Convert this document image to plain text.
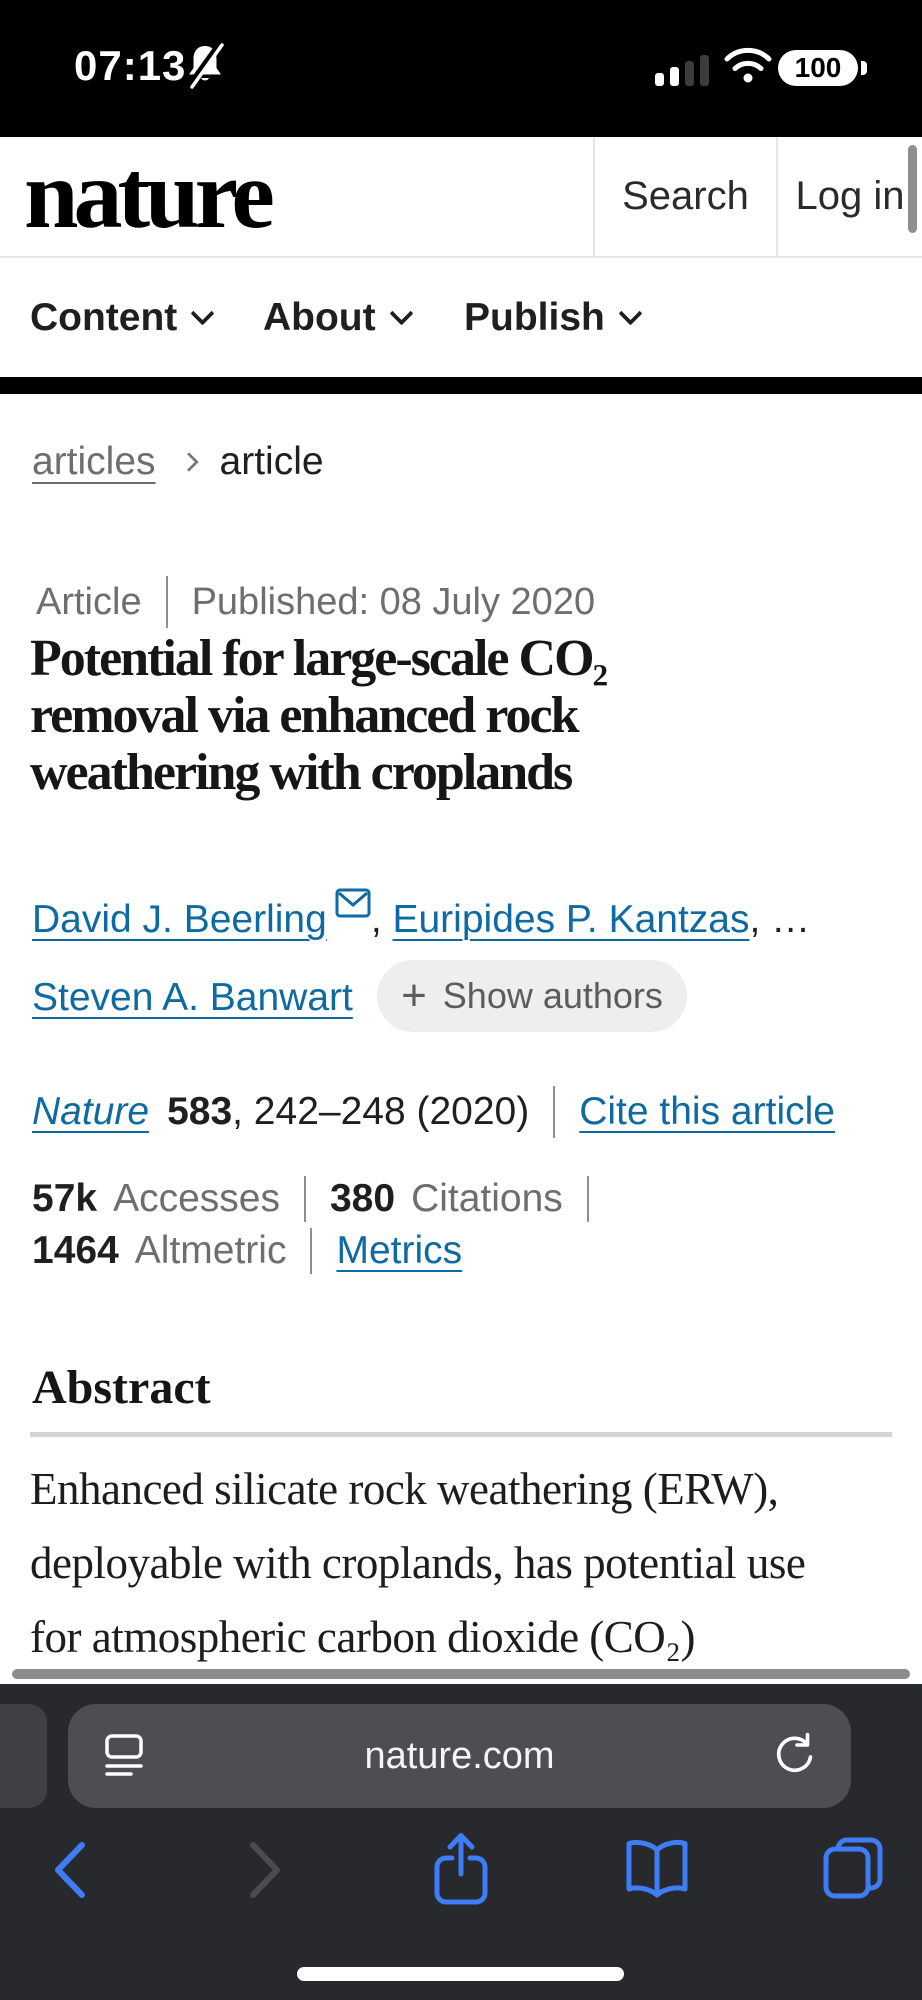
07:13	100
nature	Search	Log in
Content About Publish
articles article
Article Published: 08 July 2020
Potential for large-scale CO₂
removal via enhanced rock
weathering with croplands
David J. Beerling , Euripides P. Kantzas, …
Steven A. Banwart + Show authors
Nature 583 , 242–248 (2020) Cite this article
57k Accesses 380 Citations
1464 Altmetric Metrics
Abstract
Enhanced silicate rock weathering (ERW),
deployable with croplands, has potential use
for atmospheric carbon dioxide (CO₂)
nature.com
